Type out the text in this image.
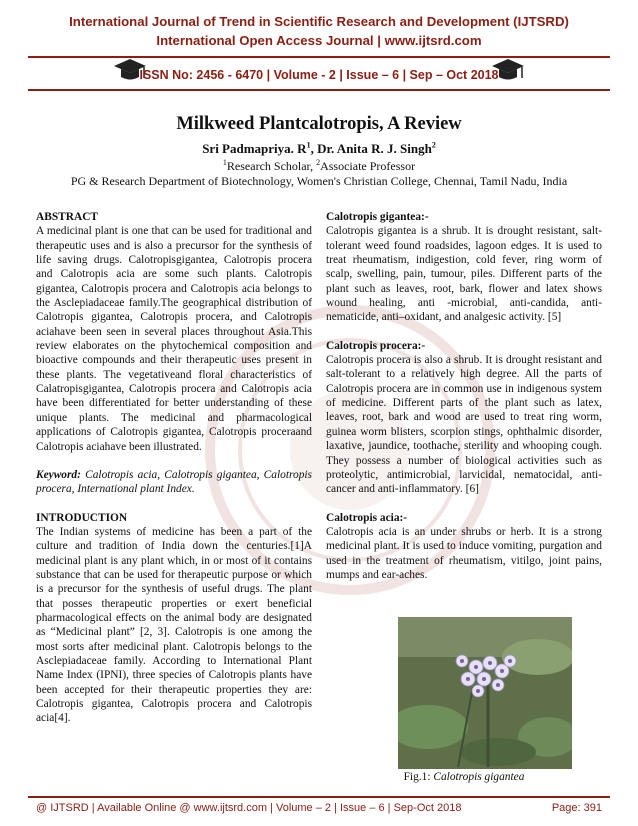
International Journal of Trend in Scientific Research and Development (IJTSRD)
International Open Access Journal | www.ijtsrd.com
ISSN No: 2456 - 6470 | Volume - 2 | Issue – 6 | Sep – Oct 2018
Milkweed Plantcalotropis, A Review
Sri Padmapriya. $R^1$, Dr. Anita R. J. Singh$^2$
$^1$Research Scholar, $^2$Associate Professor
PG & Research Department of Biotechnology, Women's Christian College, Chennai, Tamil Nadu, India
ABSTRACT

A medicinal plant is one that can be used for traditional and therapeutic uses and is also a precursor for the synthesis of life saving drugs. Calotropisgigantea, Calotropis procera and Calotropis acia are some such plants. Calotropis gigantea, Calotropis procera and Calotropis acia belongs to the Asclepiadaceae family.The geographical distribution of Calotropis gigantea, Calotropis procera, and Calotropis aciahave been seen in several places throughout Asia.This review elaborates on the phytochemical composition and bioactive compounds and their therapeutic uses present in these plants. The vegetativeand floral characteristics of Calatropisgigantea, Calotropis procera and Calotropis acia have been differentiated for better understanding of these unique plants. The medicinal and pharmacological applications of Calotropis gigantea, Calotropis proceraand Calotropis aciahave been illustrated.

Keyword: Calotropis acia, Calotropis gigantea, Calotropis procera, International plant Index.

INTRODUCTION

The Indian systems of medicine has been a part of the culture and tradition of India down the centuries.[1]A medicinal plant is any plant which, in or most of it contains substance that can be used for therapeutic purpose or which is a precursor for the synthesis of useful drugs. The plant that posses therapeutic properties or exert beneficial pharmacological effects on the animal body are designated as “Medicinal plant” [2, 3]. Calotropis is one among the most sorts after medicinal plant. Calotropis belongs to the Asclepiadaceae family. According to International Plant Name Index (IPNI), three species of Calotropis plants have been accepted for their therapeutic properties they are: Calotropis gigantea, Calotropis procera and Calotropis acia[4].

Calotropis gigantea:-

Calotropis gigantea is a shrub. It is drought resistant, salt-tolerant weed found roadsides, lagoon edges. It is used to treat rheumatism, indigestion, cold fever, ring worm of scalp, swelling, pain, tumour, piles. Different parts of the plant such as leaves, root, bark, flower and latex shows wound healing, anti -microbial, anti-candida, anti-nematicide, anti–oxidant, and analgesic activity. [5]

Calotropis procera:-

Calotropis procera is also a shrub. It is drought resistant and salt-tolerant to a relatively high degree. All the parts of Calotropis procera are in common use in indigenous system of medicine. Different parts of the plant such as latex, leaves, root, bark and wood are used to treat ring worm, guinea worm blisters, scorpion stings, ophthalmic disorder, laxative, jaundice, toothache, sterility and whooping cough. They possess a number of biological activities such as proteolytic, antimicrobial, larvicidal, nematocidal, anti-cancer and anti-inflammatory. [6]

Calotropis acia:-

Calotropis acia is an under shrubs or herb. It is a strong medicinal plant. It is used to induce vomiting, purgation and used in the treatment of rheumatism, vitilgo, joint pains, mumps and ear-aches.

Fig.1: Calotropis gigantea
@ IJTSRD | Available Online @ www.ijtsrd.com | Volume – 2 | Issue – 6 | Sep-Oct 2018	Page: 391
